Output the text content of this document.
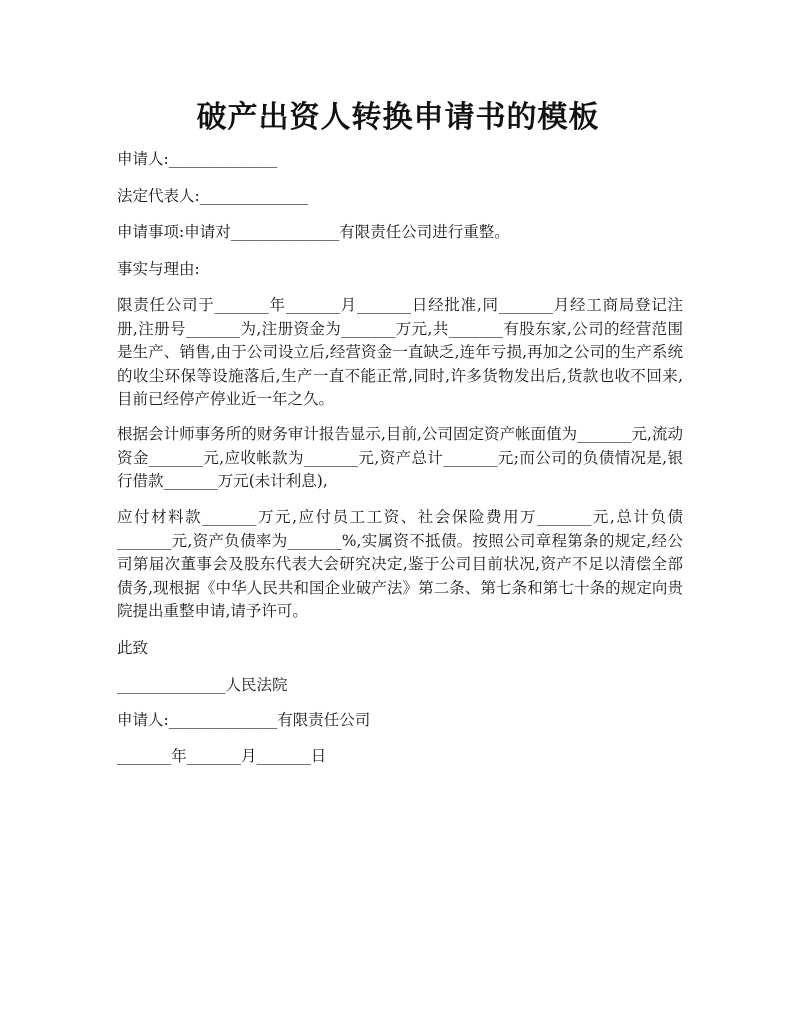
破产出资人转换申请书的模板

申请人:______________

法定代表人:______________

申请事项:申请对______________有限责任公司进行重整。

事实与理由:

限责任公司于_______年_______月_______日经批准,同_______月经工商局登记注册,注册号_______为,注册资金为_______万元,共_______有股东家,公司的经营范围是生产、销售,由于公司设立后,经营资金一直缺乏,连年亏损,再加之公司的生产系统的收尘环保等设施落后,生产一直不能正常,同时,许多货物发出后,货款也收不回来,目前已经停产停业近一年之久。

根据会计师事务所的财务审计报告显示,目前,公司固定资产帐面值为_______元,流动资金_______元,应收帐款为_______元,资产总计_______元;而公司的负债情况是,银行借款_______万元(未计利息),

应付材料款_______万元,应付员工工资、社会保险费用万_______元,总计负债_______元,资产负债率为_______%,实属资不抵债。按照公司章程第条的规定,经公司第届次董事会及股东代表大会研究决定,鉴于公司目前状况,资产不足以清偿全部债务,现根据《中华人民共和国企业破产法》第二条、第七条和第七十条的规定向贵院提出重整申请,请予许可。

此致

______________人民法院

申请人:______________有限责任公司

_______年_______月_______日
